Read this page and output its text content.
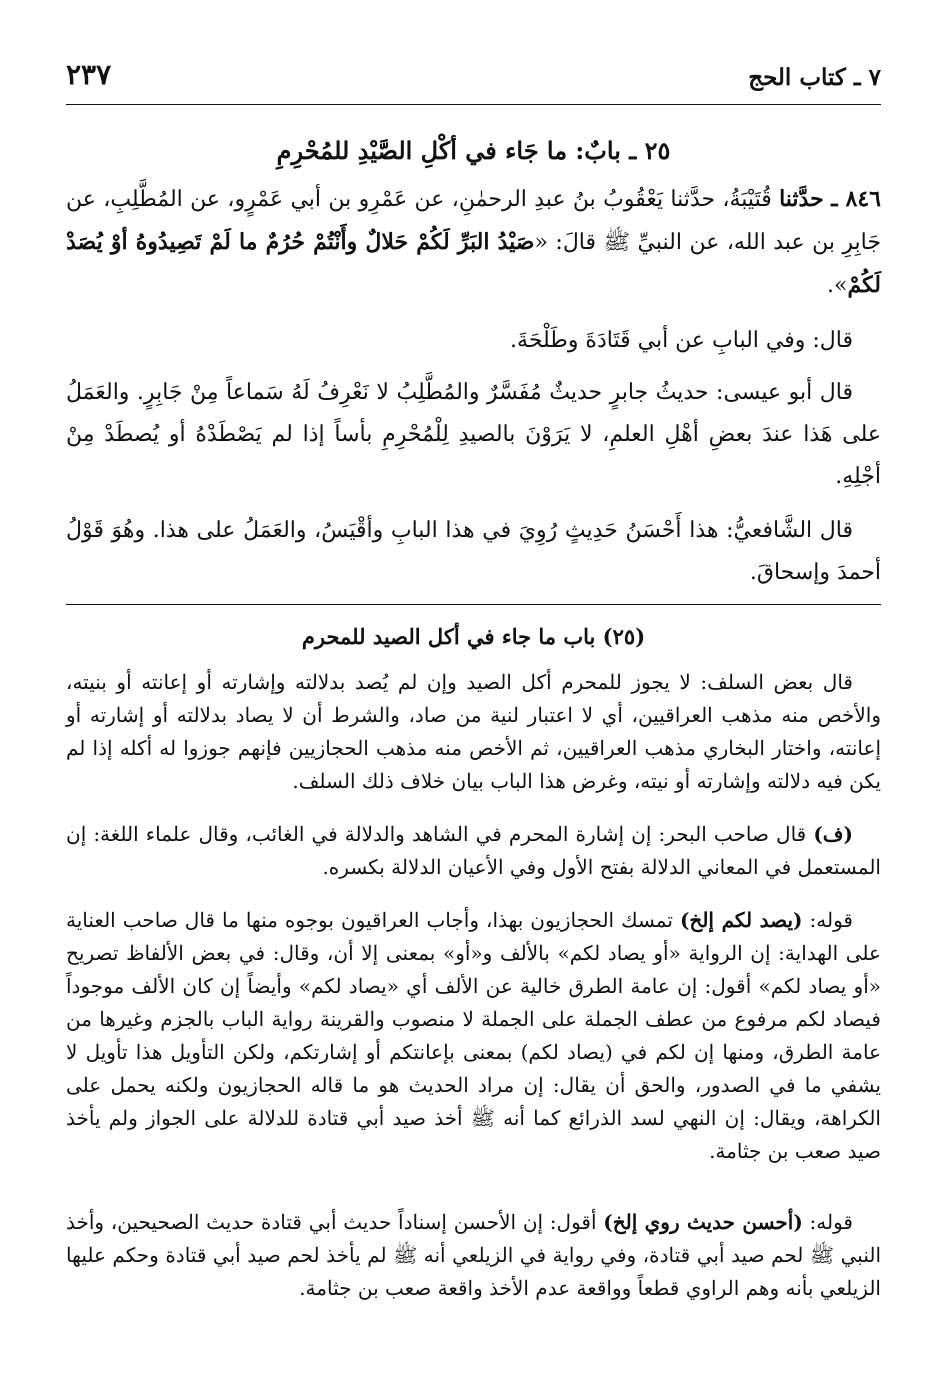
٧ ـ كتاب الحج
٢٣٧
٢٥ ـ بابٌ: ما جَاء في أكْلِ الصَّيْدِ للمُحْرِمِ
٨٤٦ ـ حدَّثنا قُتَيْبَةُ، حدَّثنا يَعْقُوبُ بنُ عبدِ الرحمٰنِ، عن عَمْرِو بن أبي عَمْرٍو، عن المُطَّلِبِ، عن جَابِرِ بن عبد الله، عن النبيِّ ﷺ قالَ: «صَيْدُ البَرِّ لَكُمْ حَلالٌ وأَنْتُمْ حُرُمٌ ما لَمْ تَصِيدُوهُ أوْ يُصَدْ لَكُمْ».
قال: وفي البابِ عن أبي قَتَادَةَ وطَلْحَةَ.
قال أبو عيسى: حديثُ جابرٍ حديثٌ مُفَسَّرٌ والمُطَّلِبُ لا نَعْرِفُ لَهُ سَماعاً مِنْ جَابِرٍ. والعَمَلُ على هَذا عندَ بعضِ أهْلِ العلمِ، لا يَرَوْنَ بالصيدِ لِلْمُحْرِمِ بأساً إذا لم يَصْطَدْهُ أو يُصطَدْ مِنْ أجْلِهِ.
قال الشَّافعيُّ: هذا أَحْسَنُ حَدِيثٍ رُوِيَ في هذا البابِ وأقْيَسُ، والعَمَلُ على هذا. وهُوَ قَوْلُ أحمدَ وإسحاقَ.
(٢٥) باب ما جاء في أكل الصيد للمحرم
قال بعض السلف: لا يجوز للمحرم أكل الصيد وإن لم يُصد بدلالته وإشارته أو إعانته أو بنيته، والأخص منه مذهب العراقيين، أي لا اعتبار لنية من صاد، والشرط أن لا يصاد بدلالته أو إشارته أو إعانته، واختار البخاري مذهب العراقيين، ثم الأخص منه مذهب الحجازيين فإنهم جوزوا له أكله إذا لم يكن فيه دلالته وإشارته أو نيته، وغرض هذا الباب بيان خلاف ذلك السلف.
(ف) قال صاحب البحر: إن إشارة المحرم في الشاهد والدلالة في الغائب، وقال علماء اللغة: إن المستعمل في المعاني الدلالة بفتح الأول وفي الأعيان الدلالة بكسره.
قوله: (يصد لكم إلخ) تمسك الحجازيون بهذا، وأجاب العراقيون بوجوه منها ما قال صاحب العناية على الهداية: إن الرواية «أو يصاد لكم» بالألف و«أو» بمعنى إلا أن، وقال: في بعض الألفاظ تصريح «أو يصاد لكم» أقول: إن عامة الطرق خالية عن الألف أي «يصاد لكم» وأيضاً إن كان الألف موجوداً فيصاد لكم مرفوع من عطف الجملة على الجملة لا منصوب والقرينة رواية الباب بالجزم وغيرها من عامة الطرق، ومنها إن لكم في (يصاد لكم) بمعنى بإعانتكم أو إشارتكم، ولكن التأويل هذا تأويل لا يشفي ما في الصدور، والحق أن يقال: إن مراد الحديث هو ما قاله الحجازيون ولكنه يحمل على الكراهة، ويقال: إن النهي لسد الذرائع كما أنه ﷺ أخذ صيد أبي قتادة للدلالة على الجواز ولم يأخذ صيد صعب بن جثامة.
قوله: (أحسن حديث روي إلخ) أقول: إن الأحسن إسناداً حديث أبي قتادة حديث الصحيحين، وأخذ النبي ﷺ لحم صيد أبي قتادة، وفي رواية في الزيلعي أنه ﷺ لم يأخذ لحم صيد أبي قتادة وحكم عليها الزيلعي بأنه وهم الراوي قطعاً وواقعة عدم الأخذ واقعة صعب بن جثامة.
